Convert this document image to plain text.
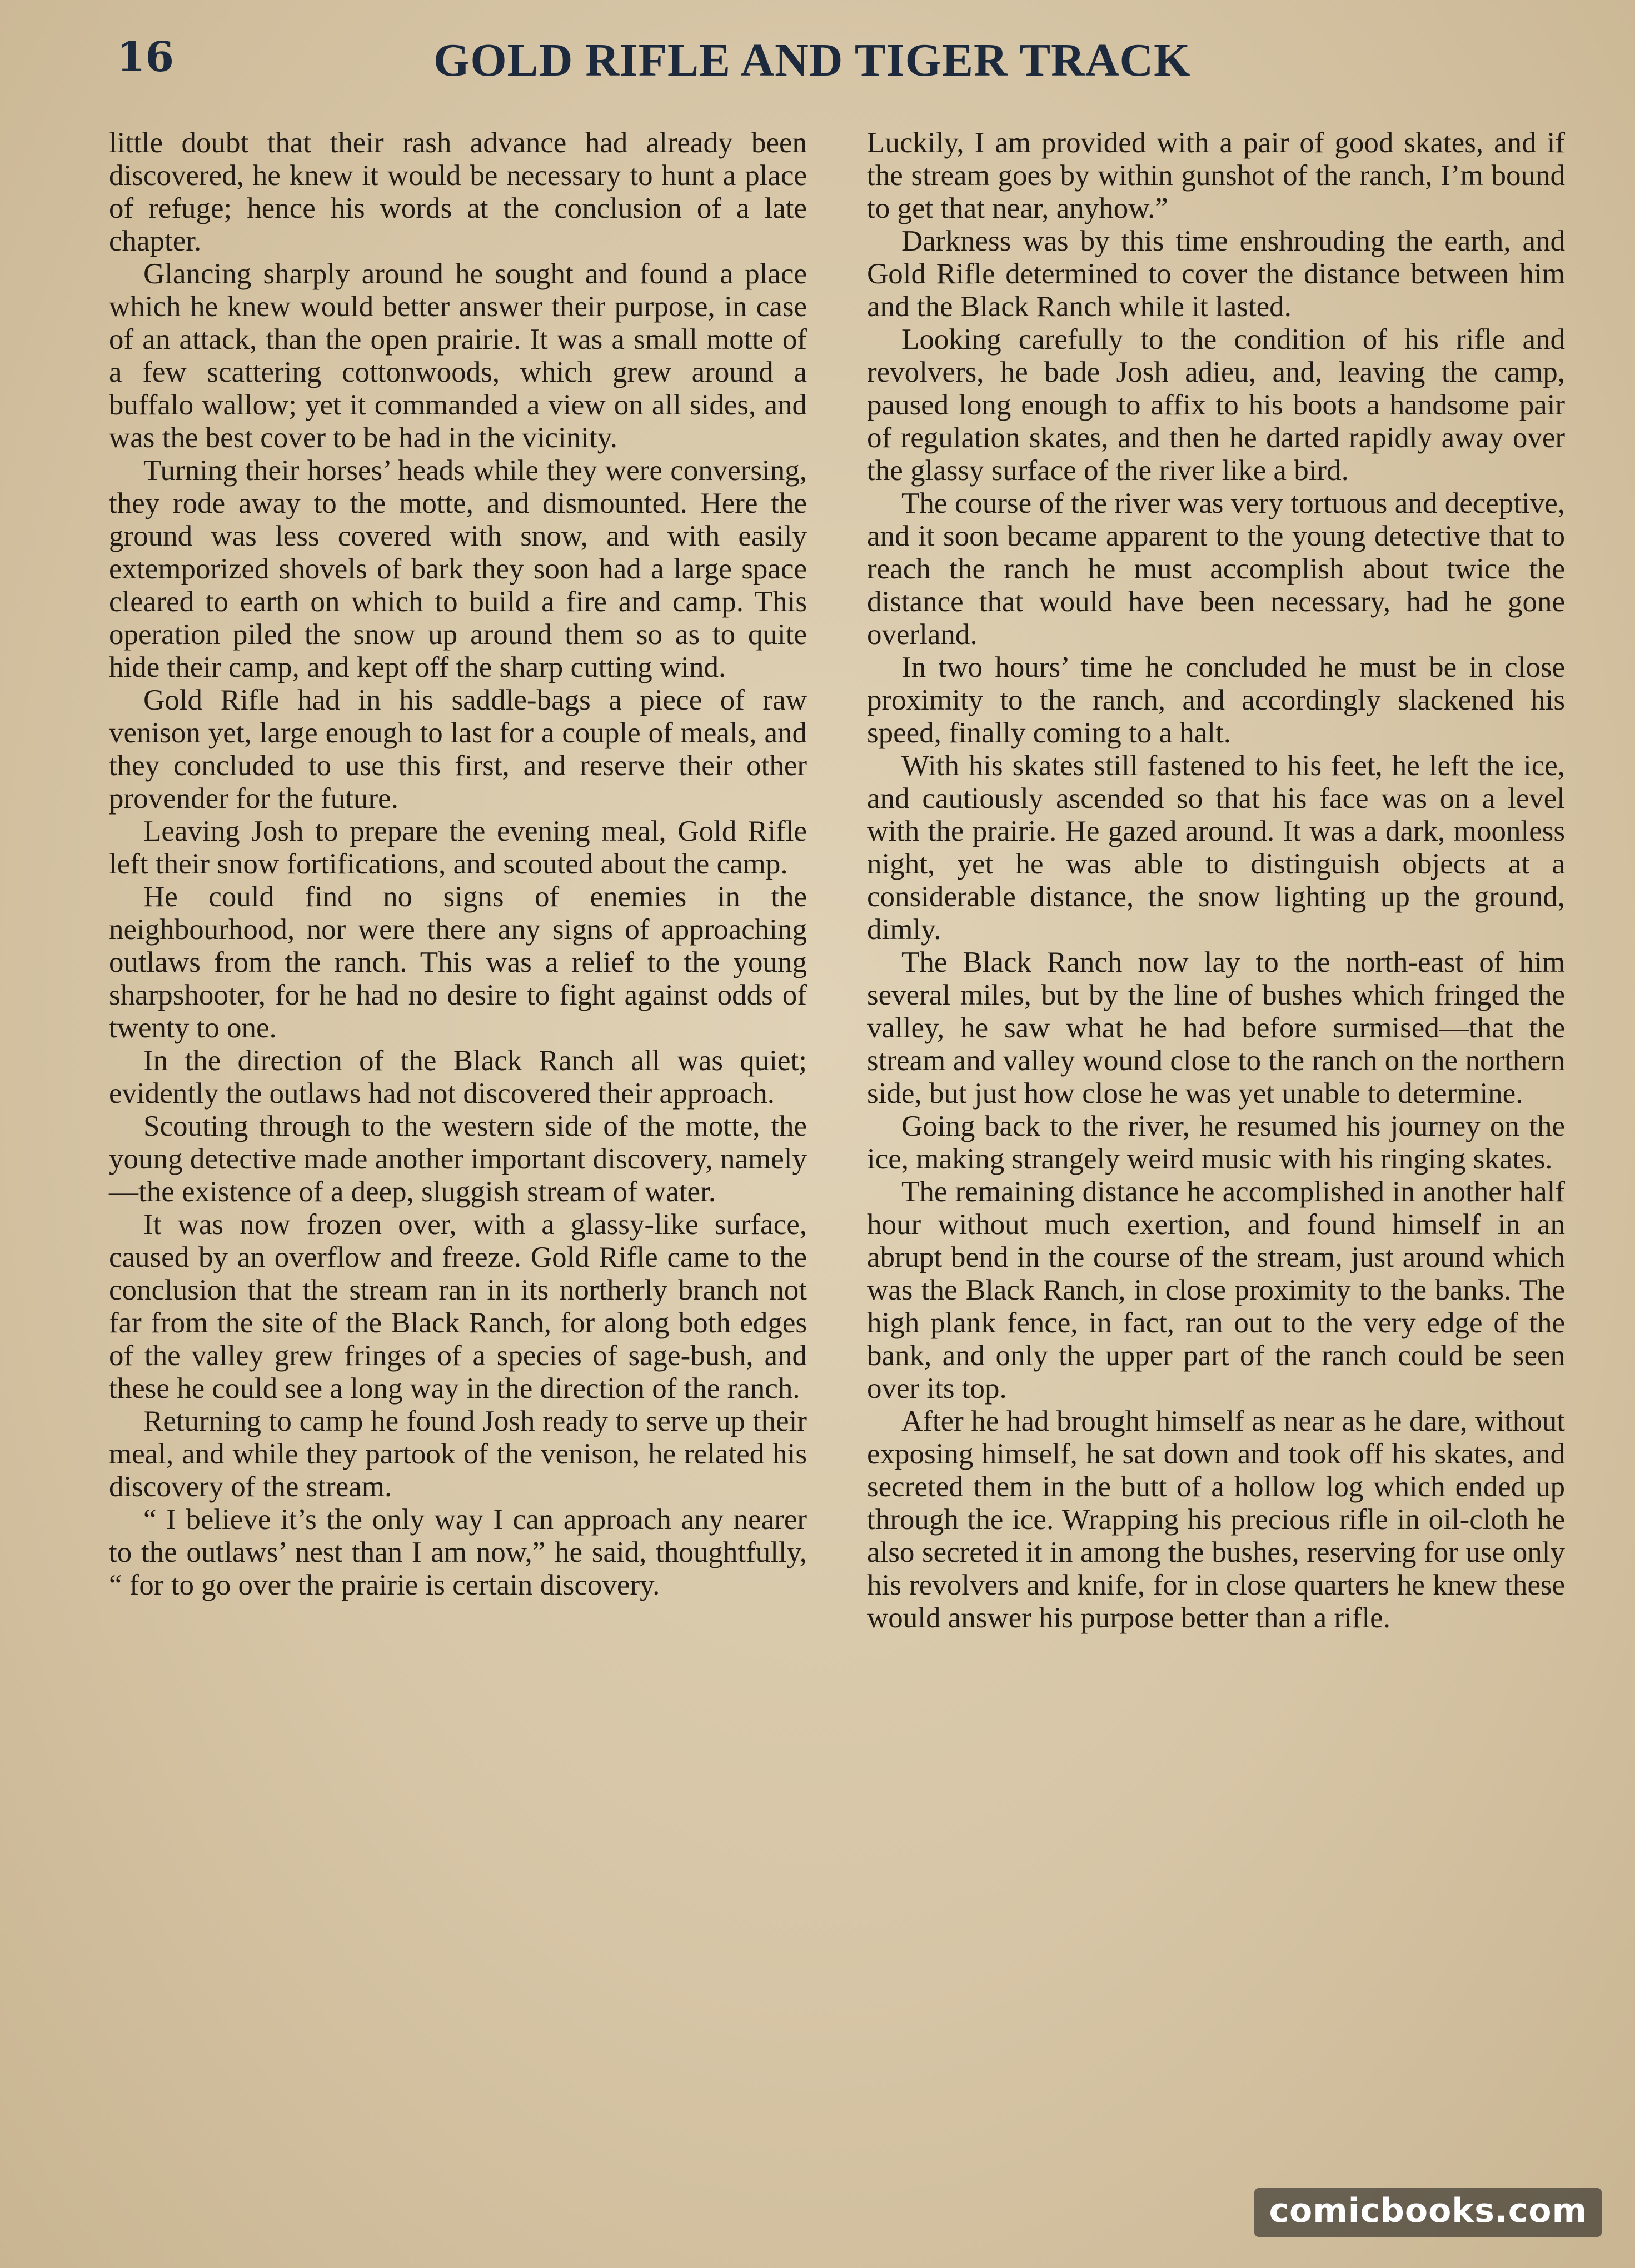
16	GOLD RIFLE AND TIGER TRACK

little doubt that their rash advance had already been discovered, he knew it would be necessary to hunt a place of refuge; hence his words at the conclusion of a late chapter.

Glancing sharply around he sought and found a place which he knew would better answer their purpose, in case of an attack, than the open prairie. It was a small motte of a few scattering cottonwoods, which grew around a buffalo wallow; yet it commanded a view on all sides, and was the best cover to be had in the vicinity.

Turning their horses’ heads while they were conversing, they rode away to the motte, and dismounted. Here the ground was less covered with snow, and with easily extemporized shovels of bark they soon had a large space cleared to earth on which to build a fire and camp. This operation piled the snow up around them so as to quite hide their camp, and kept off the sharp cutting wind.

Gold Rifle had in his saddle-bags a piece of raw venison yet, large enough to last for a couple of meals, and they concluded to use this first, and reserve their other provender for the future.

Leaving Josh to prepare the evening meal, Gold Rifle left their snow fortifications, and scouted about the camp.

He could find no signs of enemies in the neighbourhood, nor were there any signs of approaching outlaws from the ranch. This was a relief to the young sharpshooter, for he had no desire to fight against odds of twenty to one.

In the direction of the Black Ranch all was quiet; evidently the outlaws had not discovered their approach.

Scouting through to the western side of the motte, the young detective made another important discovery, namely—the existence of a deep, sluggish stream of water.

It was now frozen over, with a glassy-like surface, caused by an overflow and freeze. Gold Rifle came to the conclusion that the stream ran in its northerly branch not far from the site of the Black Ranch, for along both edges of the valley grew fringes of a species of sage-bush, and these he could see a long way in the direction of the ranch.

Returning to camp he found Josh ready to serve up their meal, and while they partook of the venison, he related his discovery of the stream.

“ I believe it’s the only way I can approach any nearer to the outlaws’ nest than I am now,” he said, thoughtfully, “ for to go over the prairie is certain discovery.

Luckily, I am provided with a pair of good skates, and if the stream goes by within gunshot of the ranch, I’m bound to get that near, anyhow.”

Darkness was by this time enshrouding the earth, and Gold Rifle determined to cover the distance between him and the Black Ranch while it lasted.

Looking carefully to the condition of his rifle and revolvers, he bade Josh adieu, and, leaving the camp, paused long enough to affix to his boots a handsome pair of regulation skates, and then he darted rapidly away over the glassy surface of the river like a bird.

The course of the river was very tortuous and deceptive, and it soon became apparent to the young detective that to reach the ranch he must accomplish about twice the distance that would have been necessary, had he gone overland.

In two hours’ time he concluded he must be in close proximity to the ranch, and accordingly slackened his speed, finally coming to a halt.

With his skates still fastened to his feet, he left the ice, and cautiously ascended so that his face was on a level with the prairie. He gazed around. It was a dark, moonless night, yet he was able to distinguish objects at a considerable distance, the snow lighting up the ground, dimly.

The Black Ranch now lay to the north-east of him several miles, but by the line of bushes which fringed the valley, he saw what he had before surmised—that the stream and valley wound close to the ranch on the northern side, but just how close he was yet unable to determine.

Going back to the river, he resumed his journey on the ice, making strangely weird music with his ringing skates.

The remaining distance he accomplished in another half hour without much exertion, and found himself in an abrupt bend in the course of the stream, just around which was the Black Ranch, in close proximity to the banks. The high plank fence, in fact, ran out to the very edge of the bank, and only the upper part of the ranch could be seen over its top.

After he had brought himself as near as he dare, without exposing himself, he sat down and took off his skates, and secreted them in the butt of a hollow log which ended up through the ice. Wrapping his precious rifle in oil-cloth he also secreted it in among the bushes, reserving for use only his revolvers and knife, for in close quarters he knew these would answer his purpose better than a rifle.

comicbooks.com
